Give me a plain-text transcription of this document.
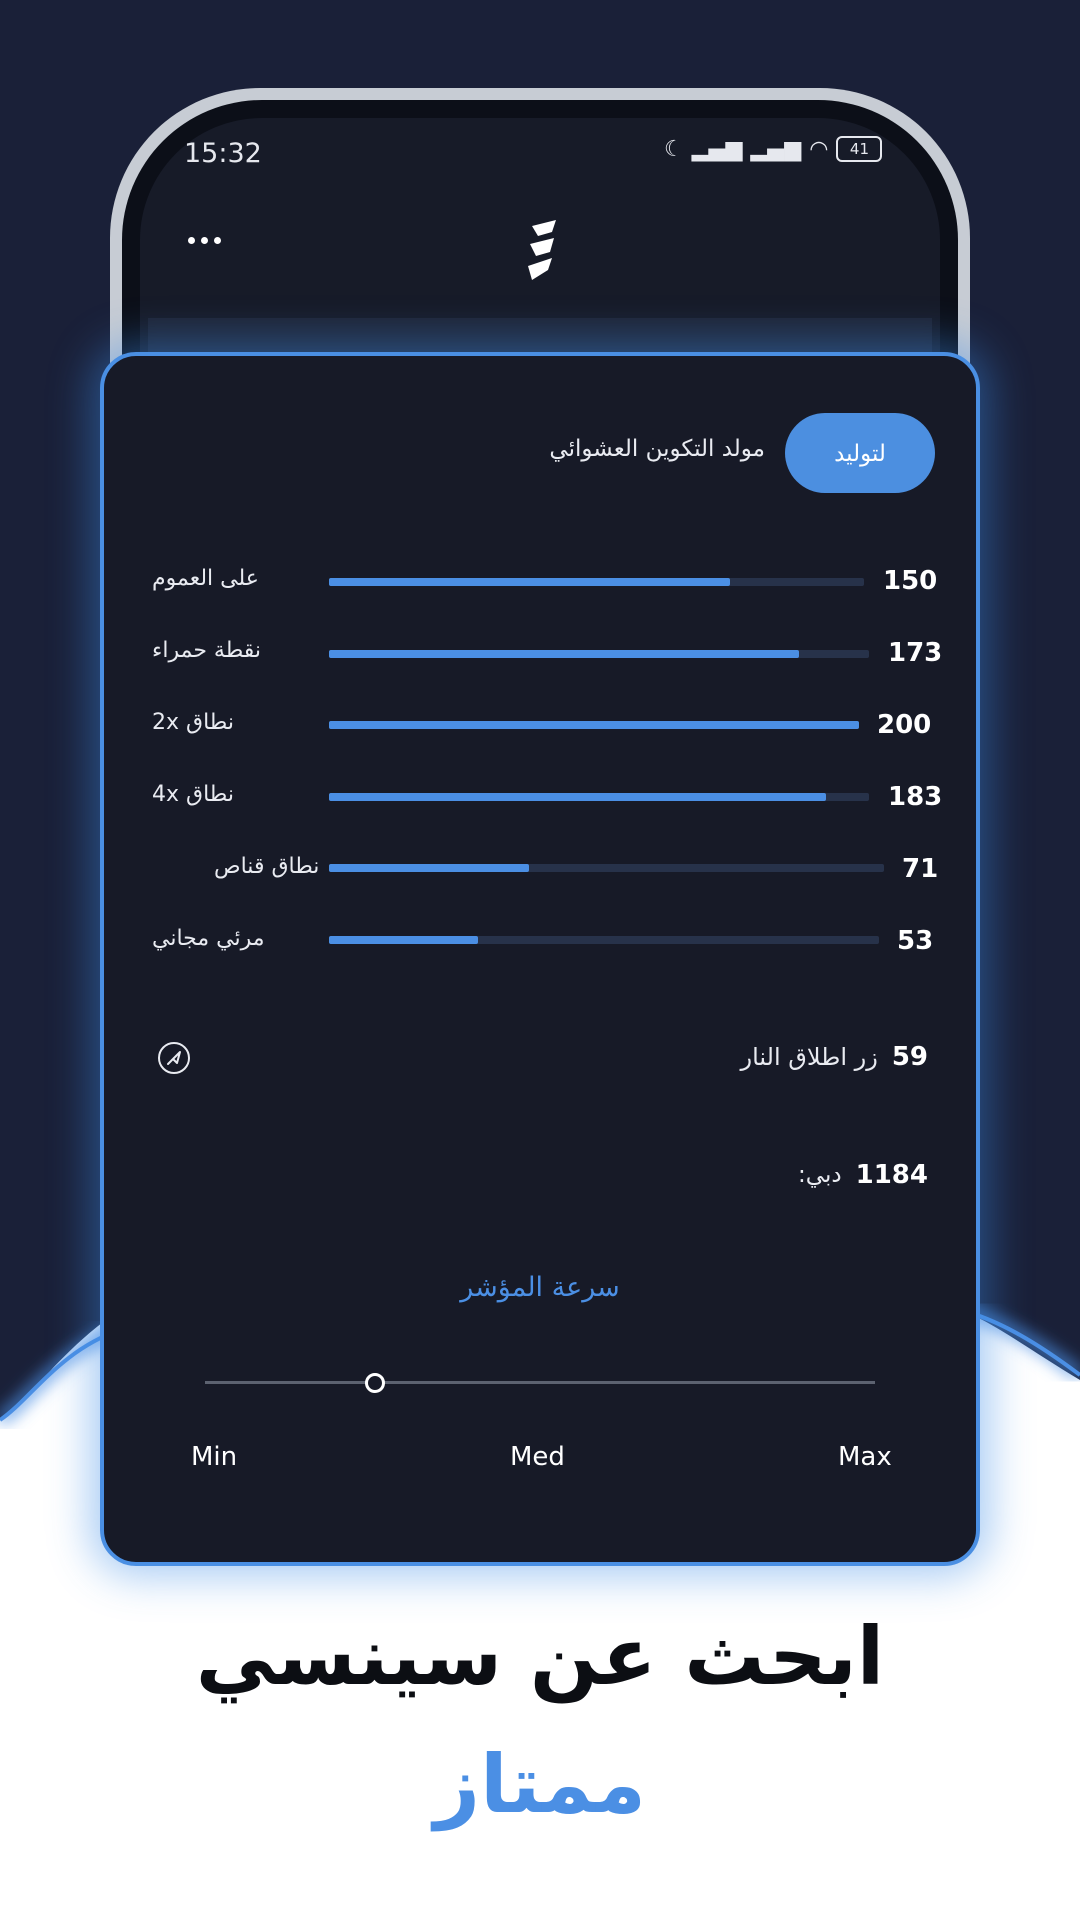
15:32	☾ ▂▄▆ ▂▄▆ ◠	41
لتوليد
مولد التكوين العشوائي
على العموم	150
نقطة حمراء	173
نطاق 2x	200
نطاق 4x	183
نطاق قناص	71
مرئي مجاني	53
زر اطلاق النار 59
دبي: 1184
سرعة المؤشر
Min	Med	Max
ابحث عن سينسي
ممتاز
